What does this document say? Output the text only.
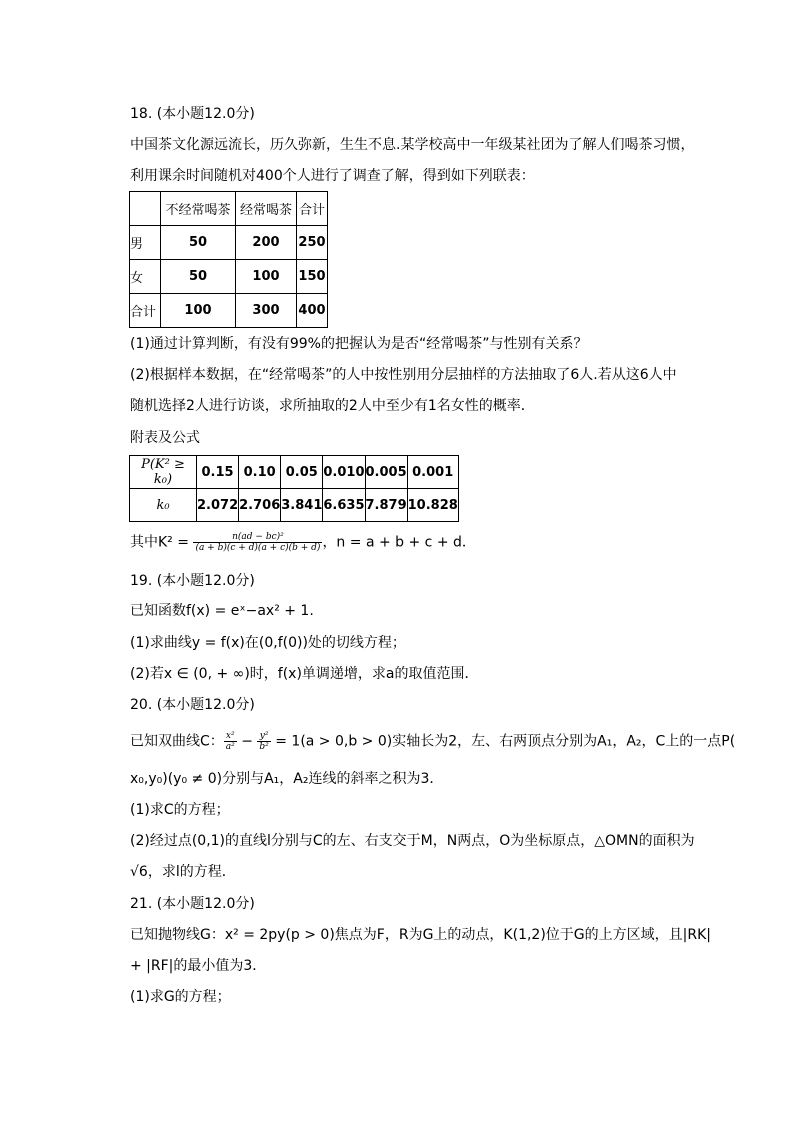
18. (本小题12.0分)
中国茶文化源远流长，历久弥新，生生不息.某学校高中一年级某社团为了解人们喝茶习惯，
利用课余时间随机对400个人进行了调查了解，得到如下列联表：
	不经常喝茶	经常喝茶	合计
男	50	200	250
女	50	100	150
合计	100	300	400
(1)通过计算判断，有没有99%的把握认为是否“经常喝茶”与性别有关系？
(2)根据样本数据，在“经常喝茶”的人中按性别用分层抽样的方法抽取了6人.若从这6人中
随机选择2人进行访谈，求所抽取的2人中至少有1名女性的概率．
附表及公式
P(K² ≥ k₀)	0.15	0.10	0.05	0.010	0.005	0.001
k₀	2.072	2.706	3.841	6.635	7.879	10.828
其中$K^2 = \frac{\text{n(ad − bc)²}}{(a + b)(c + d)(a + c)(b + d)}$ ，n = a + b + c + d．
19. (本小题12.0分)
已知函数f(x) = eˣ−ax² + 1.
(1)求曲线y = f(x)在(0,f(0))处的切线方程；
(2)若x ∈ (0, + ∞)时，f(x)单调递增，求a的取值范围．
20. (本小题12.0分)
已知双曲线C： $\frac{\text{x²}}{\text{a²}} - \frac{\text{y²}}{\text{b²}} = 1(a > 0,b > 0)$实轴长为2，左、右两顶点分别为A₁，A₂，C上的一点P(
x₀,y₀)(y₀ ≠ 0)分别与A₁，A₂连线的斜率之积为3．
(1)求C的方程；
(2)经过点(0,1)的直线l分别与C的左、右支交于M，N两点，O为坐标原点，△OMN的面积为
√6，求l的方程．
21. (本小题12.0分)
已知抛物线G：x² = 2py(p > 0)焦点为F，R为G上的动点，K(1,2)位于G的上方区域，且|RK|
+ |RF|的最小值为3．
(1)求G的方程；
